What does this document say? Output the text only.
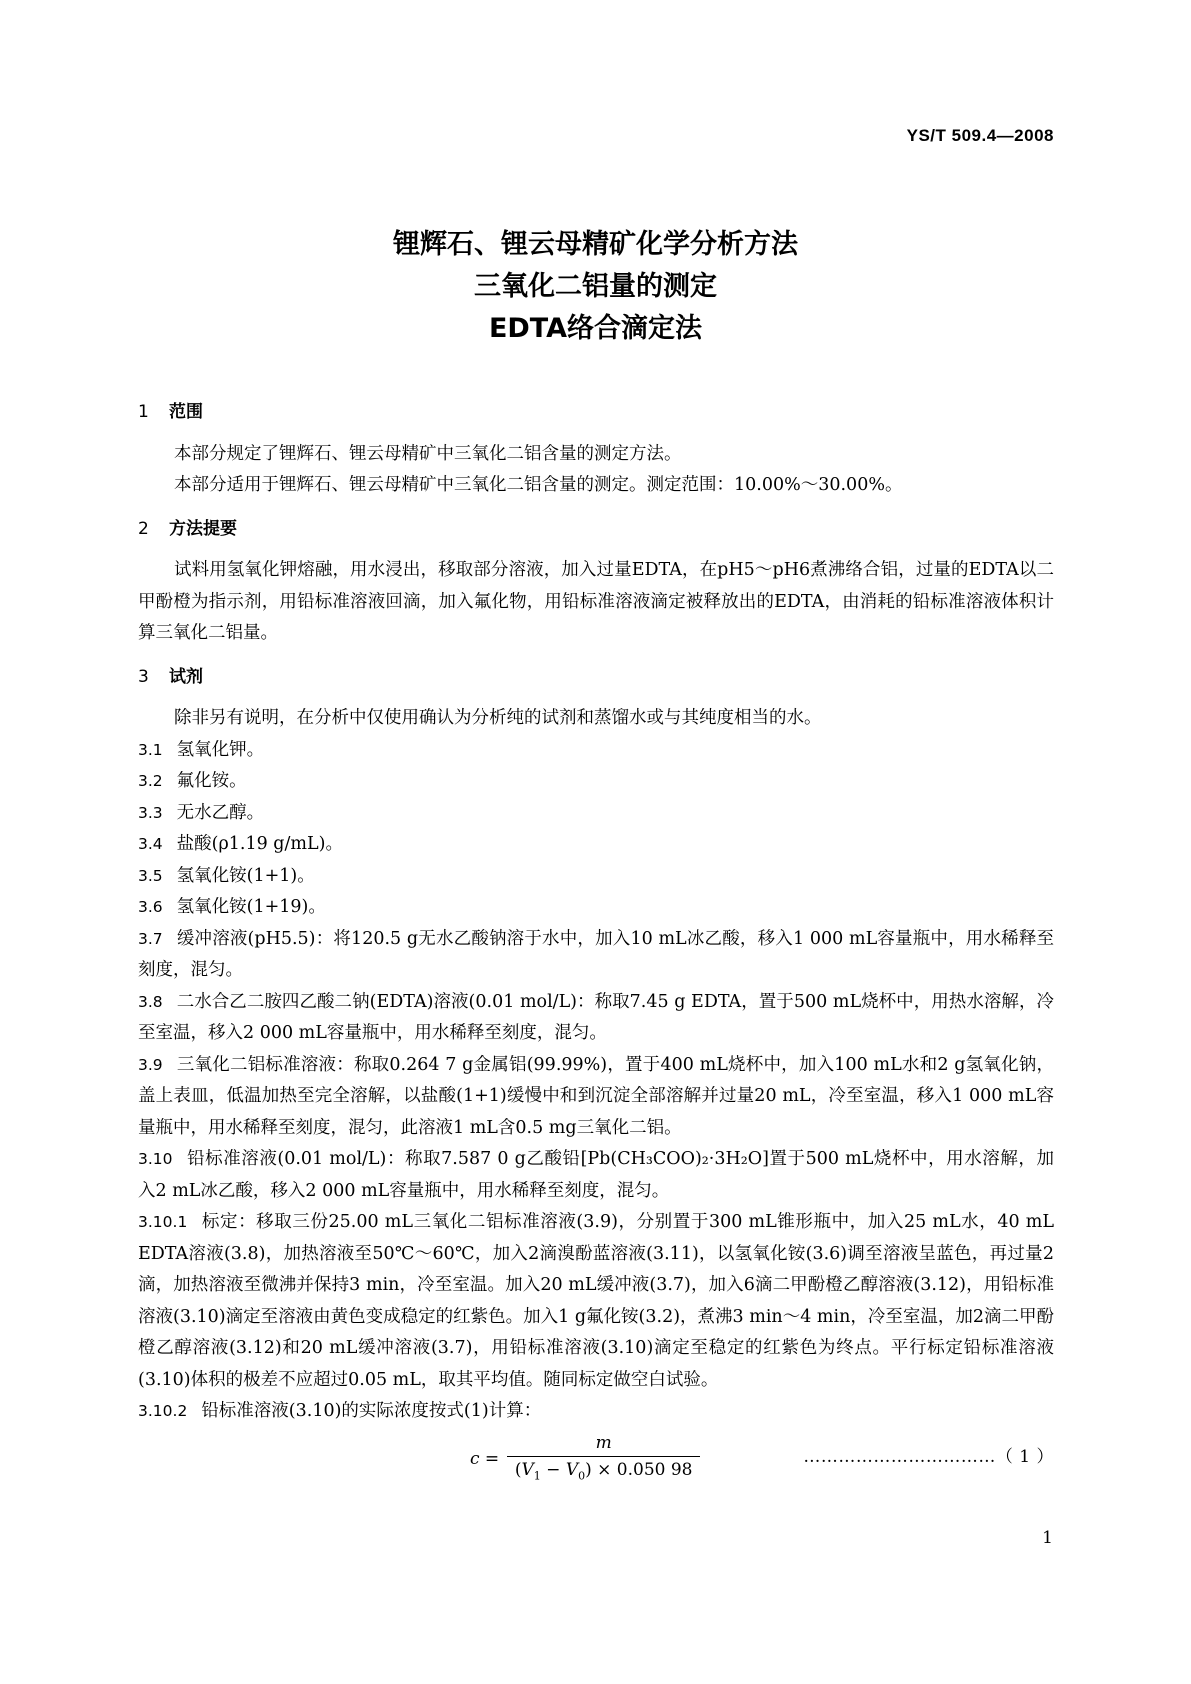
YS/T 509.4—2008
锂辉石、锂云母精矿化学分析方法
三氧化二铝量的测定
EDTA络合滴定法
1 范围
本部分规定了锂辉石、锂云母精矿中三氧化二铝含量的测定方法。
本部分适用于锂辉石、锂云母精矿中三氧化二铝含量的测定。测定范围：10.00%～30.00%。
2 方法提要
试料用氢氧化钾熔融，用水浸出，移取部分溶液，加入过量EDTA，在pH5～pH6煮沸络合铝，过量的EDTA以二甲酚橙为指示剂，用铅标准溶液回滴，加入氟化物，用铅标准溶液滴定被释放出的EDTA，由消耗的铅标准溶液体积计算三氧化二铝量。
3 试剂
除非另有说明，在分析中仅使用确认为分析纯的试剂和蒸馏水或与其纯度相当的水。
3.1 氢氧化钾。
3.2 氟化铵。
3.3 无水乙醇。
3.4 盐酸(ρ1.19 g/mL)。
3.5 氢氧化铵(1+1)。
3.6 氢氧化铵(1+19)。
3.7 缓冲溶液(pH5.5)：将120.5 g无水乙酸钠溶于水中，加入10 mL冰乙酸，移入1 000 mL容量瓶中，用水稀释至刻度，混匀。
3.8 二水合乙二胺四乙酸二钠(EDTA)溶液(0.01 mol/L)：称取7.45 g EDTA，置于500 mL烧杯中，用热水溶解，冷至室温，移入2 000 mL容量瓶中，用水稀释至刻度，混匀。
3.9 三氧化二铝标准溶液：称取0.264 7 g金属铝(99.99%)，置于400 mL烧杯中，加入100 mL水和2 g氢氧化钠，盖上表皿，低温加热至完全溶解，以盐酸(1+1)缓慢中和到沉淀全部溶解并过量20 mL，冷至室温，移入1 000 mL容量瓶中，用水稀释至刻度，混匀，此溶液1 mL含0.5 mg三氧化二铝。
3.10 铅标准溶液(0.01 mol/L)：称取7.587 0 g乙酸铅[Pb(CH₃COO)₂·3H₂O]置于500 mL烧杯中，用水溶解，加入2 mL冰乙酸，移入2 000 mL容量瓶中，用水稀释至刻度，混匀。
3.10.1 标定：移取三份25.00 mL三氧化二铝标准溶液(3.9)，分别置于300 mL锥形瓶中，加入25 mL水，40 mL EDTA溶液(3.8)，加热溶液至50℃～60℃，加入2滴溴酚蓝溶液(3.11)，以氢氧化铵(3.6)调至溶液呈蓝色，再过量2滴，加热溶液至微沸并保持3 min，冷至室温。加入20 mL缓冲液(3.7)，加入6滴二甲酚橙乙醇溶液(3.12)，用铅标准溶液(3.10)滴定至溶液由黄色变成稳定的红紫色。加入1 g氟化铵(3.2)，煮沸3 min～4 min，冷至室温，加2滴二甲酚橙乙醇溶液(3.12)和20 mL缓冲溶液(3.7)，用铅标准溶液(3.10)滴定至稳定的红紫色为终点。平行标定铅标准溶液(3.10)体积的极差不应超过0.05 mL，取其平均值。随同标定做空白试验。
3.10.2 铅标准溶液(3.10)的实际浓度按式(1)计算：
$c = \frac{m}{(V_1 - V_0) \times 0.050 98}$	……………………………（ 1 ）
1
